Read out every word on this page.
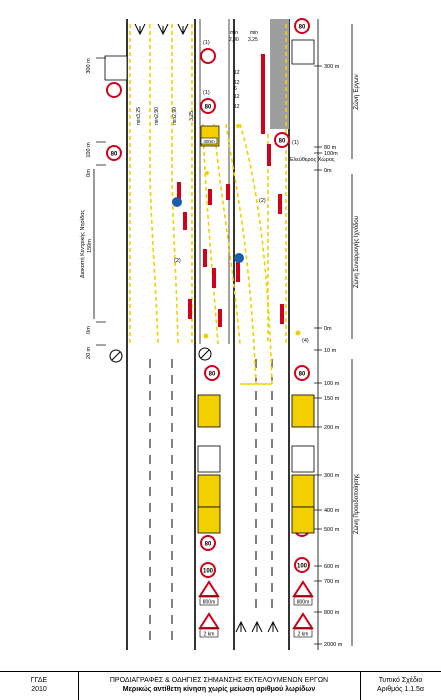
80
80
80
80	80
80
100
100
80
800m
2 km
800m
2 km
300m
300 m
80 m
100m
0m
0m
10 m
100 m
150 m
200 m
300 m
400 m
500 m
600 m
700 m
800 m
2000 m
300 m
100 m
0m
0m
20 m
Ζώνη Έργων
Ζώνη Συναρμογής Ιχνόδου
Ζώνη Προειδοποίησης
Διακοπή Κεντρικής Νησίδας 150m
Ελεύθερος Χώρος
min min
2,90 3,25
12
12
6
12
12
min3,25 min2,90 min2,90 3,25
(1)
(1)
(1)
(2)
(2)
(4)
ΓΓΔΕ
2010
ΠΡΟΔΙΑΓΡΑΦΕΣ & ΟΔΗΓΙΕΣ ΣΗΜΑΝΣΗΣ ΕΚΤΕΛΟΥΜΕΝΩΝ ΕΡΓΩΝ
Μερικώς αντίθετη κίνηση χωρίς μείωση αριθμού λωρίδων
Τυπικό Σχέδιο
Αριθμός 1.1.5α
